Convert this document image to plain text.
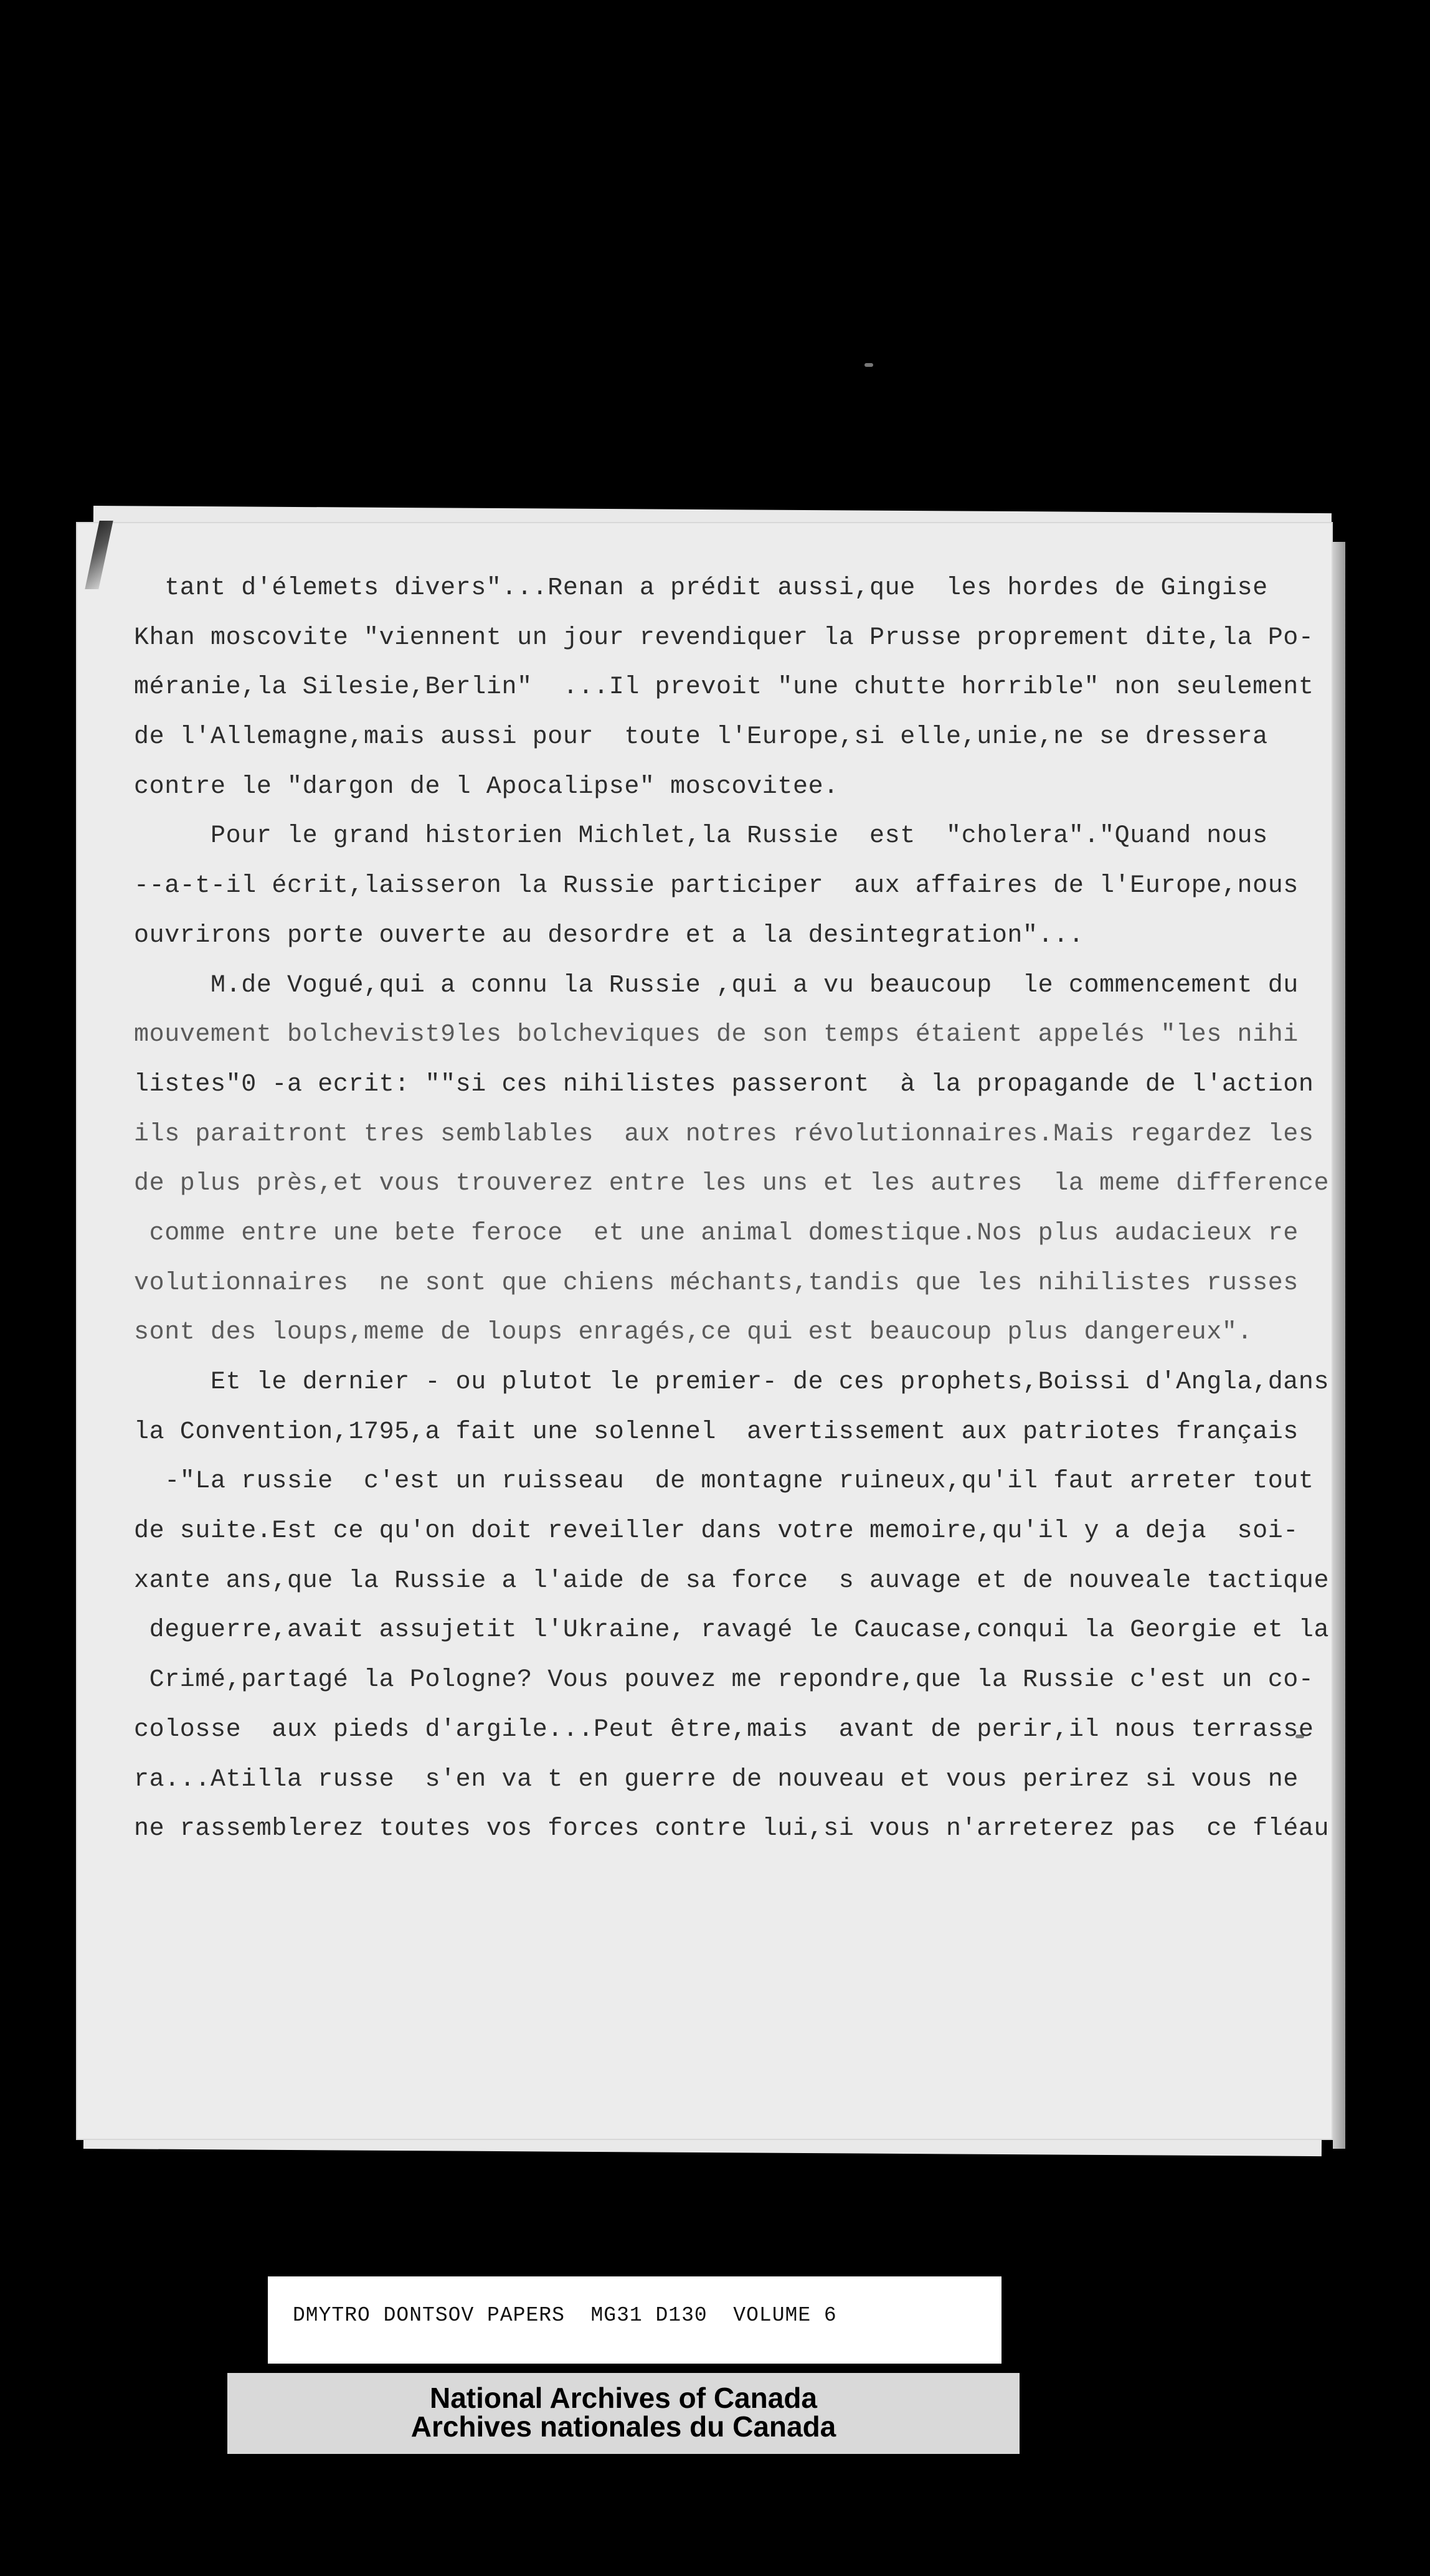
tant d'élemets divers"...Renan a prédit aussi,que  les hordes de Gingise
Khan moscovite "viennent un jour revendiquer la Prusse proprement dite,la Po-
méranie,la Silesie,Berlin"  ...Il prevoit "une chutte horrible" non seulement
de l'Allemagne,mais aussi pour  toute l'Europe,si elle,unie,ne se dressera
contre le "dargon de l Apocalipse" moscovitee.
Pour le grand historien Michlet,la Russie  est  "cholera"."Quand nous
--a-t-il écrit,laisseron la Russie participer  aux affaires de l'Europe,nous
ouvrirons porte ouverte au desordre et a la desintegration"...
M.de Vogué,qui a connu la Russie ,qui a vu beaucoup  le commencement du
mouvement bolchevist9les bolcheviques de son temps étaient appelés "les nihi
listes"0 -a ecrit: ""si ces nihilistes passeront  à la propagande de l'action
ils paraitront tres semblables  aux notres révolutionnaires.Mais regardez les
de plus près,et vous trouverez entre les uns et les autres  la meme difference
comme entre une bete feroce  et une animal domestique.Nos plus audacieux re
volutionnaires  ne sont que chiens méchants,tandis que les nihilistes russes
sont des loups,meme de loups enragés,ce qui est beaucoup plus dangereux".
Et le dernier - ou plutot le premier- de ces prophets,Boissi d'Angla,dans
la Convention,1795,a fait une solennel  avertissement aux patriotes français
-"La russie  c'est un ruisseau  de montagne ruineux,qu'il faut arreter tout
de suite.Est ce qu'on doit reveiller dans votre memoire,qu'il y a deja  soi-
xante ans,que la Russie a l'aide de sa force  s auvage et de nouveale tactique
deguerre,avait assujetit l'Ukraine, ravagé le Caucase,conqui la Georgie et la
Crimé,partagé la Pologne? Vous pouvez me repondre,que la Russie c'est un co-
colosse  aux pieds d'argile...Peut être,mais  avant de perir,il nous terrasse
ra...Atilla russe  s'en va t en guerre de nouveau et vous perirez si vous ne
ne rassemblerez toutes vos forces contre lui,si vous n'arreterez pas  ce fléau
DMYTRO DONTSOV PAPERS  MG31 D130  VOLUME 6
National Archives of Canada
Archives nationales du Canada
